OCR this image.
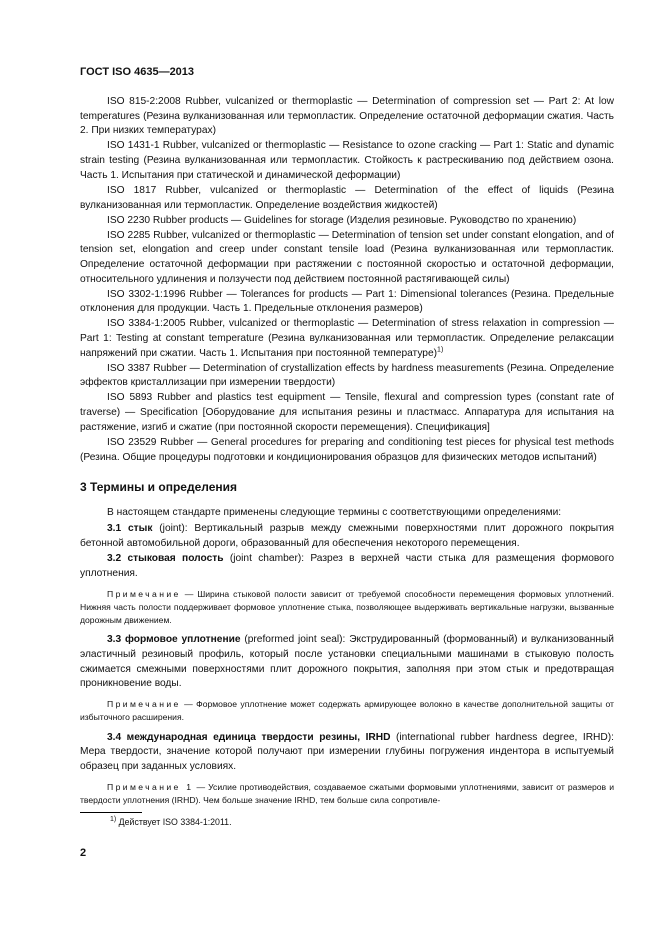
ГОСТ ISO 4635—2013

ISO 815-2:2008 Rubber, vulcanized or thermoplastic — Determination of compression set — Part 2: At low temperatures (Резина вулканизованная или термопластик. Определение остаточной деформации сжатия. Часть 2. При низких температурах)

ISO 1431-1 Rubber, vulcanized or thermoplastic — Resistance to ozone cracking — Part 1: Static and dynamic strain testing (Резина вулканизованная или термопластик. Стойкость к растрескиванию под действием озона. Часть 1. Испытания при статической и динамической деформации)

ISO 1817 Rubber, vulcanized or thermoplastic — Determination of the effect of liquids (Резина вулканизованная или термопластик. Определение воздействия жидкостей)

ISO 2230 Rubber products — Guidelines for storage (Изделия резиновые. Руководство по хранению)

ISO 2285 Rubber, vulcanized or thermoplastic — Determination of tension set under constant elongation, and of tension set, elongation and creep under constant tensile load (Резина вулканизованная или термопластик. Определение остаточной деформации при растяжении с постоянной скоростью и остаточной деформации, относительного удлинения и ползучести под действием постоянной растягивающей силы)

ISO 3302-1:1996 Rubber — Tolerances for products — Part 1: Dimensional tolerances (Резина. Предельные отклонения для продукции. Часть 1. Предельные отклонения размеров)

ISO 3384-1:2005 Rubber, vulcanized or thermoplastic — Determination of stress relaxation in compression — Part 1: Testing at constant temperature (Резина вулканизованная или термопластик. Определение релаксации напряжений при сжатии. Часть 1. Испытания при постоянной температуре)$^{1)}$

ISO 3387 Rubber — Determination of crystallization effects by hardness measurements (Резина. Определение эффектов кристаллизации при измерении твердости)

ISO 5893 Rubber and plastics test equipment — Tensile, flexural and compression types (constant rate of traverse) — Specification [Оборудование для испытания резины и пластмасс. Аппаратура для испытания на растяжение, изгиб и сжатие (при постоянной скорости перемещения). Спецификация]

ISO 23529 Rubber — General procedures for preparing and conditioning test pieces for physical test methods (Резина. Общие процедуры подготовки и кондиционирования образцов для физических методов испытаний)

3 Термины и определения

В настоящем стандарте применены следующие термины с соответствующими определениями:

3.1 стык (joint): Вертикальный разрыв между смежными поверхностями плит дорожного покрытия бетонной автомобильной дороги, образованный для обеспечения некоторого перемещения.

3.2 стыковая полость (joint chamber): Разрез в верхней части стыка для размещения формового уплотнения.

Примечание — Ширина стыковой полости зависит от требуемой способности перемещения формовых уплотнений. Нижняя часть полости поддерживает формовое уплотнение стыка, позволяющее выдерживать вертикальные нагрузки, вызванные дорожным движением.

3.3 формовое уплотнение (preformed joint seal): Экструдированный (формованный) и вулканизованный эластичный резиновый профиль, который после установки специальными машинами в стыковую полость сжимается смежными поверхностями плит дорожного покрытия, заполняя при этом стык и предотвращая проникновение воды.

Примечание — Формовое уплотнение может содержать армирующее волокно в качестве дополнительной защиты от избыточного расширения.

3.4 международная единица твердости резины, IRHD (international rubber hardness degree, IRHD): Мера твердости, значение которой получают при измерении глубины погружения индентора в испытуемый образец при заданных условиях.

Примечание 1 — Усилие противодействия, создаваемое сжатыми формовыми уплотнениями, зависит от размеров и твердости уплотнения (IRHD). Чем больше значение IRHD, тем больше сила сопротивле-

$^{1)}$ Действует ISO 3384-1:2011.
2
